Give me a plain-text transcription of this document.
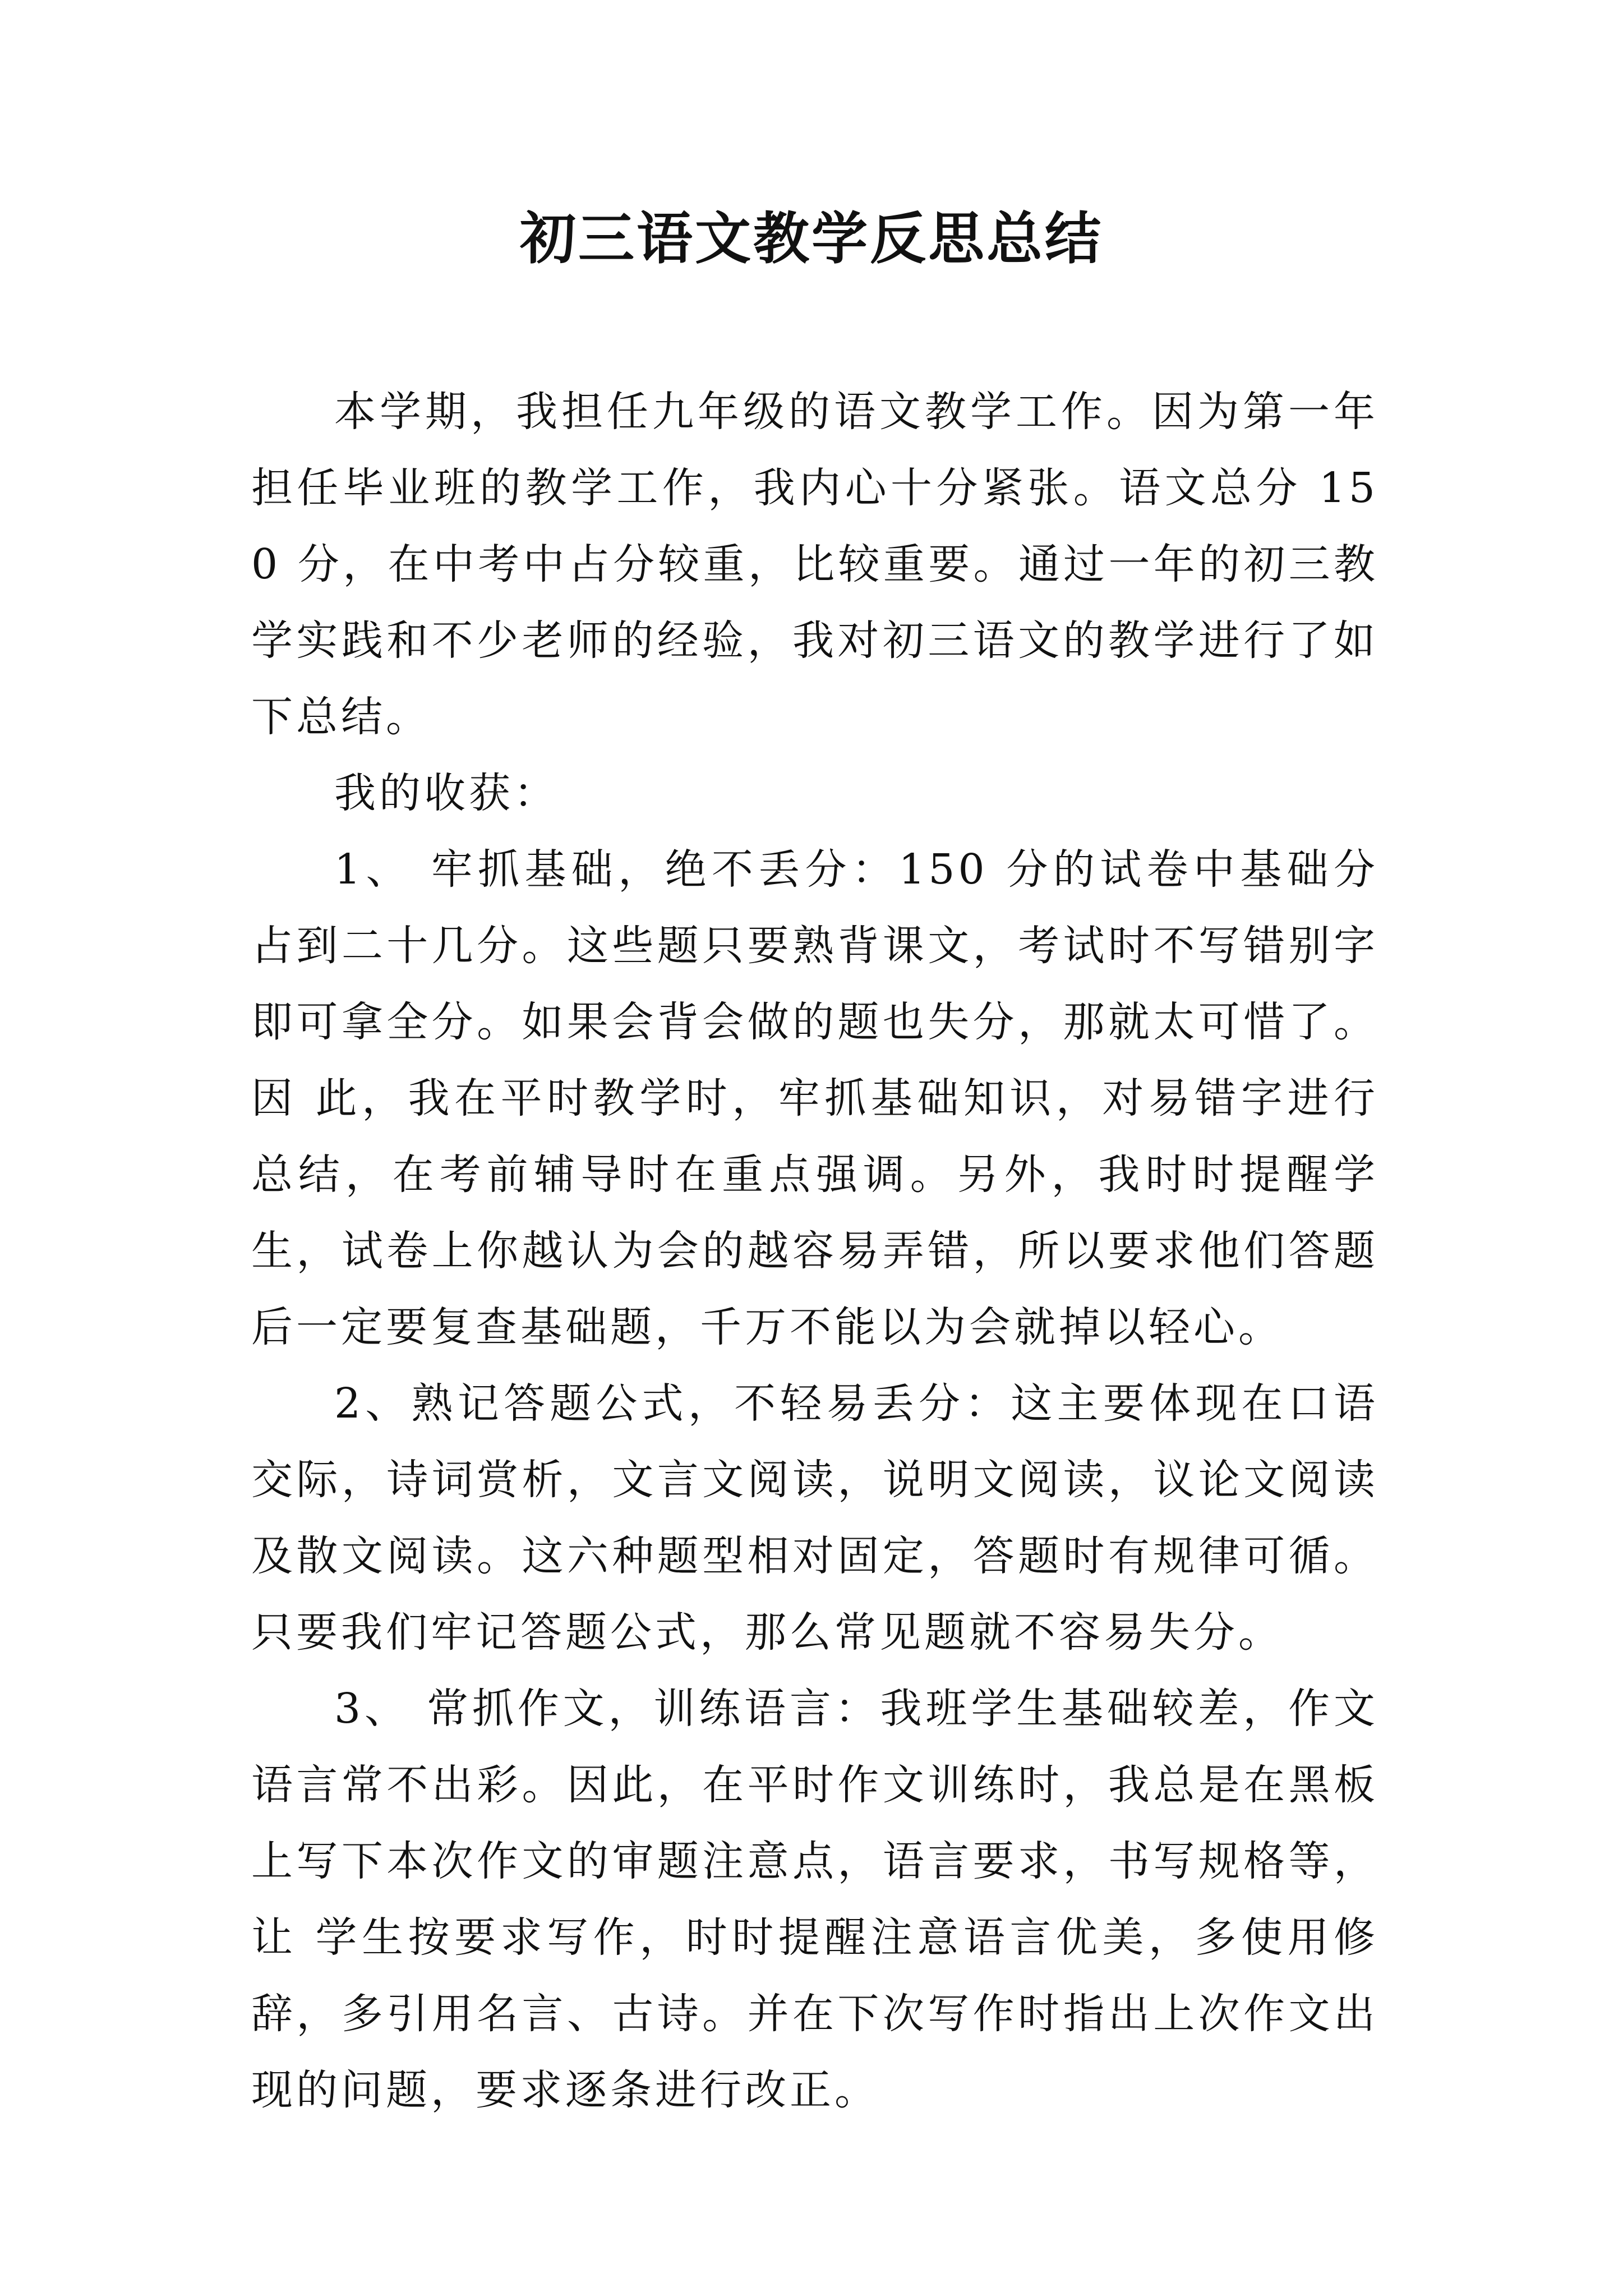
初三语文教学反思总结

本学期，我担任九年级的语文教学工作。因为第一年担任毕业班的教学工作，我内心十分紧张。语文总分 150 分，在中考中占分较重，比较重要。通过一年的初三教学实践和不少老师的经验，我对初三语文的教学进行了如下总结。

我的收获：

1、 牢抓基础，绝不丢分：150 分的试卷中基础分占到二十几分。这些题只要熟背课文，考试时不写错别字即可拿全分。如果会背会做的题也失分，那就太可惜了。因 此，我在平时教学时，牢抓基础知识，对易错字进行总结，在考前辅导时在重点强调。另外，我时时提醒学生，试卷上你越认为会的越容易弄错，所以要求他们答题 后一定要复查基础题，千万不能以为会就掉以轻心。

2、熟记答题公式，不轻易丢分：这主要体现在口语交际，诗词赏析，文言文阅读，说明文阅读，议论文阅读及散文阅读。这六种题型相对固定，答题时有规律可循。只要我们牢记答题公式，那么常见题就不容易失分。

3、 常抓作文，训练语言：我班学生基础较差，作文语言常不出彩。因此，在平时作文训练时，我总是在黑板上写下本次作文的审题注意点，语言要求，书写规格等，让 学生按要求写作，时时提醒注意语言优美，多使用修辞，多引用名言、古诗。并在下次写作时指出上次作文出现的问题，要求逐条进行改正。
